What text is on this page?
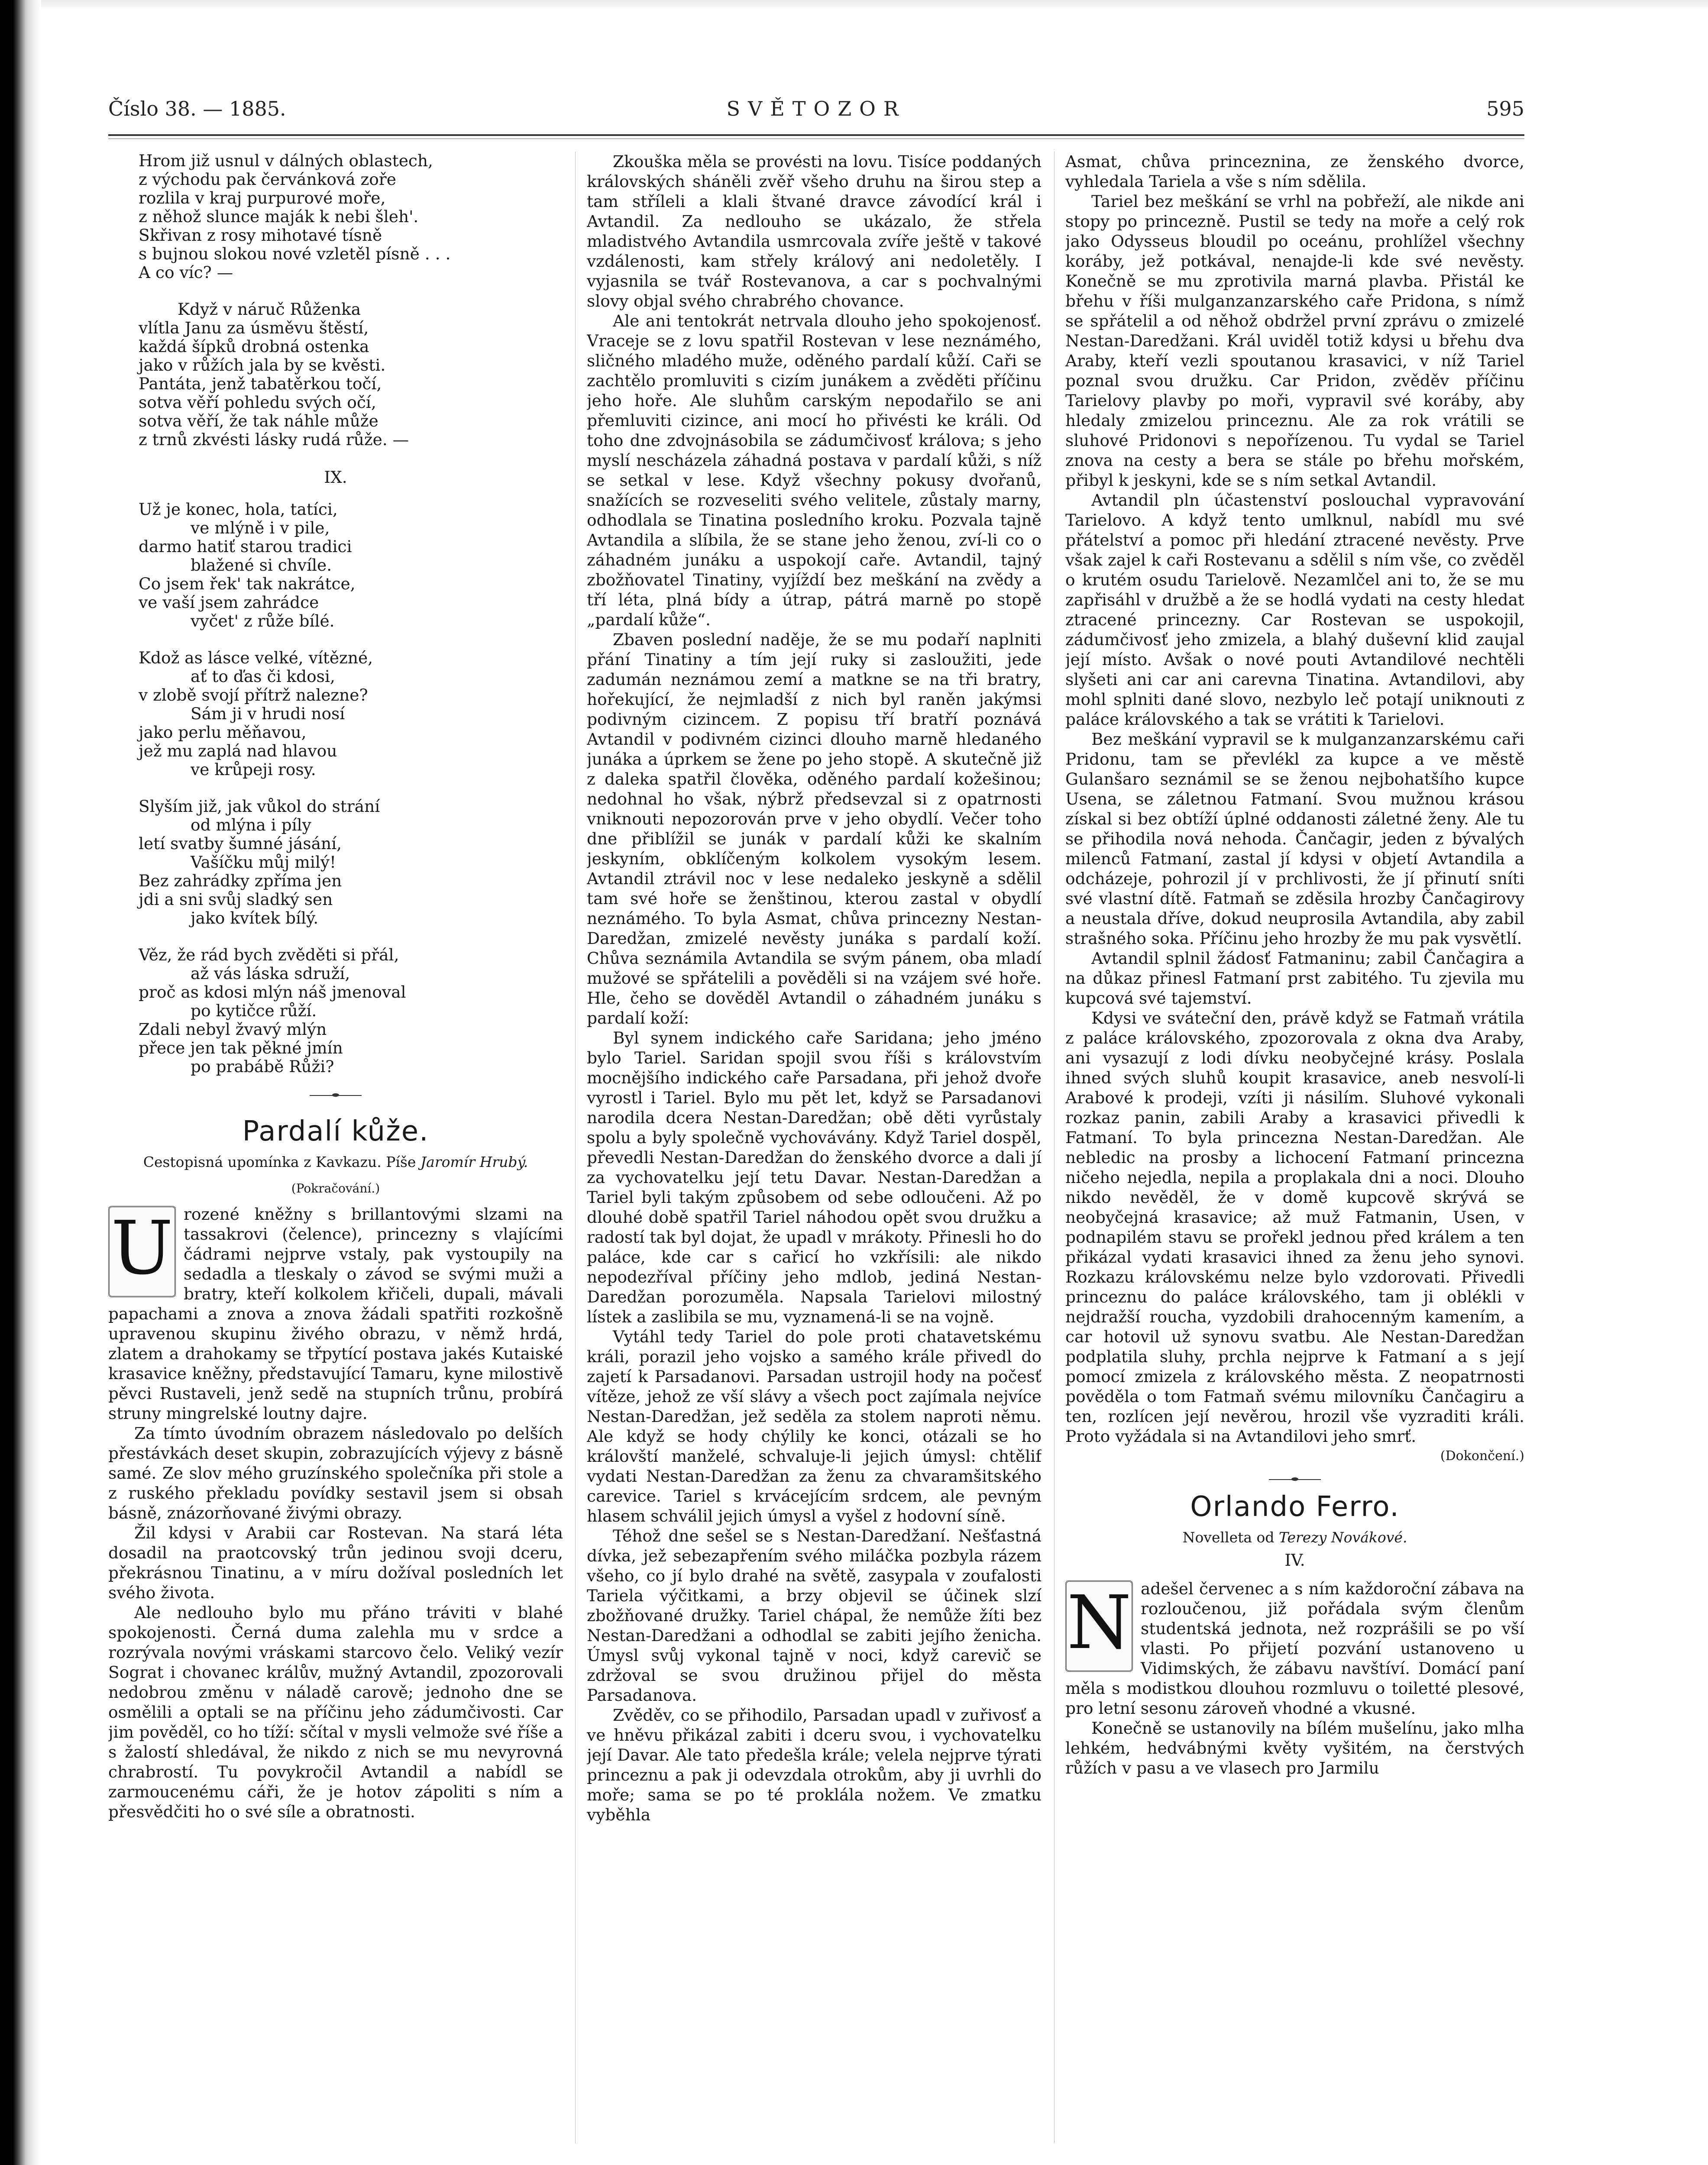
Číslo 38. — 1885.	SVĚTOZOR	595
Hrom již usnul v dálných oblastech,
z východu pak červánková zoře
rozlila v kraj purpurové moře,
z něhož slunce maják k nebi šleh'.
Skřivan z rosy mihotavé tísně
s bujnou slokou nové vzletěl písně . . .
A co víc? —
Když v náruč Růženka
vlítla Janu za úsměvu štěstí,
každá šípků drobná ostenka
jako v růžích jala by se kvěsti.
Pantáta, jenž tabatěrkou točí,
sotva věří pohledu svých očí,
sotva věří, že tak náhle může
z trnů zkvésti lásky rudá růže. —
IX.
Už je konec, hola, tatíci,
ve mlýně i v pile,
darmo hatiť starou tradici
blažené si chvíle.
Co jsem řek' tak nakrátce,
ve vaší jsem zahrádce
vyčet' z růže bílé.
Kdož as lásce velké, vítězné,
ať to ďas či kdosi,
v zlobě svojí přítrž nalezne?
Sám ji v hrudi nosí
jako perlu měňavou,
jež mu zaplá nad hlavou
ve krůpeji rosy.
Slyším již, jak vůkol do strání
od mlýna i píly
letí svatby šumné jásání,
Vašíčku můj milý!
Bez zahrádky zpříma jen
jdi a sni svůj sladký sen
jako kvítek bílý.
Věz, že rád bych zvěděti si přál,
až vás láska sdruží,
proč as kdosi mlýn náš jmenoval
po kytičce růží.
Zdali nebyl žvavý mlýn
přece jen tak pěkné jmín
po prabábě Růži?
Pardalí kůže.
Cestopisná upomínka z Kavkazu. Píše Jaromír Hrubý.
(Pokračování.)
U rozené kněžny s brillantovými slzami na tassakrovi (čelence), princezny s vlajícími čádrami nejprve vstaly, pak vystoupily na sedadla a tleskaly o závod se svými muži a bratry, kteří kolkolem křičeli, dupali, mávali papachami a znova a znova žádali spatřiti rozkošně upravenou skupinu živého obrazu, v němž hrdá, zlatem a drahokamy se třpytící postava jakés Kutaiské krasavice kněžny, představující Tamaru, kyne milostivě pěvci Rustaveli, jenž sedě na stupních trůnu, probírá struny mingrelské loutny dajre.

Za tímto úvodním obrazem následovalo po delších přestávkách deset skupin, zobrazujících výjevy z básně samé. Ze slov mého gruzínského společníka při stole a z ruského překladu povídky sestavil jsem si obsah básně, znázorňované živými obrazy.

Žil kdysi v Arabii car Rostevan. Na stará léta dosadil na praotcovský trůn jedinou svoji dceru, překrásnou Tinatinu, a v míru dožíval posledních let svého života.

Ale nedlouho bylo mu přáno tráviti v blahé spokojenosti. Černá duma zalehla mu v srdce a rozrývala novými vráskami starcovo čelo. Veliký vezír Sograt i chovanec králův, mužný Avtandil, zpozorovali nedobrou změnu v náladě carově; jednoho dne se osmělili a optali se na příčinu jeho zádumčivosti. Car jim pověděl, co ho tíží: sčítal v mysli velmože své říše a s žalostí shledával, že nikdo z nich se mu nevyrovná chrabrostí. Tu povykročil Avtandil a nabídl se zarmoucenému cáři, že je hotov zápoliti s ním a přesvědčiti ho o své síle a obratnosti.

Zkouška měla se provésti na lovu. Tisíce poddaných královských sháněli zvěř všeho druhu na širou step a tam stříleli a klali štvané dravce závodící král i Avtandil. Za nedlouho se ukázalo, že střela mladistvého Avtandila usmrcovala zvíře ještě v takové vzdálenosti, kam střely králový ani nedoletěly. I vyjasnila se tvář Rostevanova, a car s pochvalnými slovy objal svého chrabrého chovance.

Ale ani tentokrát netrvala dlouho jeho spokojenosť. Vraceje se z lovu spatřil Rostevan v lese neznámého, sličného mladého muže, oděného pardalí kůží. Caři se zachtělo promluviti s cizím junákem a zvěděti příčinu jeho hoře. Ale sluhům carským nepodařilo se ani přemluviti cizince, ani mocí ho přivésti ke králi. Od toho dne zdvojnásobila se zádumčivosť králova; s jeho myslí nescházela záhadná postava v pardalí kůži, s níž se setkal v lese. Když všechny pokusy dvořanů, snažících se rozveseliti svého velitele, zůstaly marny, odhodlala se Tinatina posledního kroku. Pozvala tajně Avtandila a slíbila, že se stane jeho ženou, zví-li co o záhadném junáku a uspokojí caře. Avtandil, tajný zbožňovatel Tinatiny, vyjíždí bez meškání na zvědy a tří léta, plná bídy a útrap, pátrá marně po stopě „pardalí kůže“.

Zbaven poslední naděje, že se mu podaří naplniti přání Tinatiny a tím její ruky si zasloužiti, jede zadumán neznámou zemí a matkne se na tři bratry, hořekující, že nejmladší z nich byl raněn jakýmsi podivným cizincem. Z popisu tří bratří poznává Avtandil v podivném cizinci dlouho marně hledaného junáka a úprkem se žene po jeho stopě. A skutečně již z daleka spatřil člověka, oděného pardalí kožešinou; nedohnal ho však, nýbrž předsevzal si z opatrnosti vniknouti nepozorován prve v jeho obydlí. Večer toho dne přiblížil se junák v pardalí kůži ke skalním jeskyním, obklíčeným kolkolem vysokým lesem. Avtandil ztrávil noc v lese nedaleko jeskyně a sdělil tam své hoře se ženštinou, kterou zastal v obydlí neznámého. To byla Asmat, chůva princezny Nestan-Daredžan, zmizelé nevěsty junáka s pardalí koží. Chůva seznámila Avtandila se svým pánem, oba mladí mužové se spřátelili a pověděli si na vzájem své hoře. Hle, čeho se dověděl Avtandil o záhadném junáku s pardalí koží:

Byl synem indického caře Saridana; jeho jméno bylo Tariel. Saridan spojil svou říši s královstvím mocnějšího indického caře Parsadana, při jehož dvoře vyrostl i Tariel. Bylo mu pět let, když se Parsadanovi narodila dcera Nestan-Daredžan; obě děti vyrůstaly spolu a byly společně vychovávány. Když Tariel dospěl, převedli Nestan-Daredžan do ženského dvorce a dali jí za vychovatelku její tetu Davar. Nestan-Daredžan a Tariel byli takým způsobem od sebe odloučeni. Až po dlouhé době spatřil Tariel náhodou opět svou družku a radostí tak byl dojat, že upadl v mrákoty. Přinesli ho do paláce, kde car s cařicí ho vzkřísili: ale nikdo nepodezříval příčiny jeho mdlob, jediná Nestan-Daredžan porozuměla. Napsala Tarielovi milostný lístek a zaslibila se mu, vyznamená-li se na vojně.

Vytáhl tedy Tariel do pole proti chatavetskému králi, porazil jeho vojsko a samého krále přivedl do zajetí k Parsadanovi. Parsadan ustrojil hody na počesť vítěze, jehož ze vší slávy a všech poct zajímala nejvíce Nestan-Daredžan, jež seděla za stolem naproti němu. Ale když se hody chýlily ke konci, otázali se ho královští manželé, schvaluje-li jejich úmysl: chtělif vydati Nestan-Daredžan za ženu za chvaramšitského carevice. Tariel s krvácejícím srdcem, ale pevným hlasem schválil jejich úmysl a vyšel z hodovní síně.

Téhož dne sešel se s Nestan-Daredžaní. Nešťastná dívka, jež sebezapřením svého miláčka pozbyla rázem všeho, co jí bylo drahé na světě, zasypala v zoufalosti Tariela výčitkami, a brzy objevil se účinek slzí zbožňované družky. Tariel chápal, že nemůže žíti bez Nestan-Daredžani a odhodlal se zabiti jejího ženicha. Úmysl svůj vykonal tajně v noci, když carevič se zdržoval se svou družinou přijel do města Parsadanova.

Zvěděv, co se přihodilo, Parsadan upadl v zuřivosť a ve hněvu přikázal zabiti i dceru svou, i vychovatelku její Davar. Ale tato předešla krále; velela nejprve týrati princeznu a pak ji odevzdala otrokům, aby ji uvrhli do moře; sama se po té proklála nožem. Ve zmatku vyběhla

Asmat, chůva princeznina, ze ženského dvorce, vyhledala Tariela a vše s ním sdělila.

Tariel bez meškání se vrhl na pobřeží, ale nikde ani stopy po princezně. Pustil se tedy na moře a celý rok jako Odysseus bloudil po oceánu, prohlížel všechny koráby, jež potkával, nenajde-li kde své nevěsty. Konečně se mu zprotivila marná plavba. Přistál ke břehu v říši mulganzanzarského caře Pridona, s nímž se spřátelil a od něhož obdržel první zprávu o zmizelé Nestan-Daredžani. Král uviděl totiž kdysi u břehu dva Araby, kteří vezli spoutanou krasavici, v níž Tariel poznal svou družku. Car Pridon, zvěděv příčinu Tarielovy plavby po moři, vypravil své koráby, aby hledaly zmizelou princeznu. Ale za rok vrátili se sluhové Pridonovi s nepořízenou. Tu vydal se Tariel znova na cesty a bera se stále po břehu mořském, přibyl k jeskyni, kde se s ním setkal Avtandil.

Avtandil pln účastenství poslouchal vypravování Tarielovo. A když tento umlknul, nabídl mu své přátelství a pomoc při hledání ztracené nevěsty. Prve však zajel k caři Rostevanu a sdělil s ním vše, co zvěděl o krutém osudu Tarielově. Nezamlčel ani to, že se mu zapřisáhl v družbě a že se hodlá vydati na cesty hledat ztracené princezny. Car Rostevan se uspokojil, zádumčivosť jeho zmizela, a blahý duševní klid zaujal její místo. Avšak o nové pouti Avtandilové nechtěli slyšeti ani car ani carevna Tinatina. Avtandilovi, aby mohl splniti dané slovo, nezbylo leč potají uniknouti z paláce královského a tak se vrátiti k Tarielovi.

Bez meškání vypravil se k mulganzanzarskému caři Pridonu, tam se převlékl za kupce a ve městě Gulanšaro seznámil se se ženou nejbohatšího kupce Usena, se záletnou Fatmaní. Svou mužnou krásou získal si bez obtíží úplné oddanosti záletné ženy. Ale tu se přihodila nová nehoda. Čančagir, jeden z bývalých milenců Fatmaní, zastal jí kdysi v objetí Avtandila a odcházeje, pohrozil jí v prchlivosti, že jí přinutí sníti své vlastní dítě. Fatmaň se zděsila hrozby Čančagirovy a neustala dříve, dokud neuprosila Avtandila, aby zabil strašného soka. Příčinu jeho hrozby že mu pak vysvětlí.

Avtandil splnil žádosť Fatmaninu; zabil Čančagira a na důkaz přinesl Fatmaní prst zabitého. Tu zjevila mu kupcová své tajemství.

Kdysi ve sváteční den, právě když se Fatmaň vrátila z paláce královského, zpozorovala z okna dva Araby, ani vysazují z lodi dívku neobyčejné krásy. Poslala ihned svých sluhů koupit krasavice, aneb nesvolí-li Arabové k prodeji, vzíti ji násilím. Sluhové vykonali rozkaz panin, zabili Araby a krasavici přivedli k Fatmaní. To byla princezna Nestan-Daredžan. Ale nebledic na prosby a lichocení Fatmaní princezna ničeho nejedla, nepila a proplakala dni a noci. Dlouho nikdo nevěděl, že v domě kupcově skrývá se neobyčejná krasavice; až muž Fatmanin, Usen, v podnapilém stavu se prořekl jednou před králem a ten přikázal vydati krasavici ihned za ženu jeho synovi. Rozkazu královskému nelze bylo vzdorovati. Přivedli princeznu do paláce královského, tam ji oblékli v nejdražší roucha, vyzdobili drahocenným kamením, a car hotovil už synovu svatbu. Ale Nestan-Daredžan podplatila sluhy, prchla nejprve k Fatmaní a s její pomocí zmizela z královského města. Z neopatrnosti pověděla o tom Fatmaň svému milovníku Čančagiru a ten, rozlícen její nevěrou, hrozil vše vyzraditi králi. Proto vyžádala si na Avtandilovi jeho smrť.

(Dokončení.)
Orlando Ferro.
Novelleta od Terezy Novákové.
IV.
N adešel červenec a s ním každoroční zábava na rozloučenou, již pořádala svým členům studentská jednota, než rozprášili se po vší vlasti. Po přijetí pozvání ustanoveno u Vidimských, že zábavu navštíví. Domácí paní měla s modistkou dlouhou rozmluvu o toiletté plesové, pro letní sesonu zároveň vhodné a vkusné.

Konečně se ustanovily na bílém mušelínu, jako mlha lehkém, hedvábnými květy vyšitém, na čerstvých růžích v pasu a ve vlasech pro Jarmilu
